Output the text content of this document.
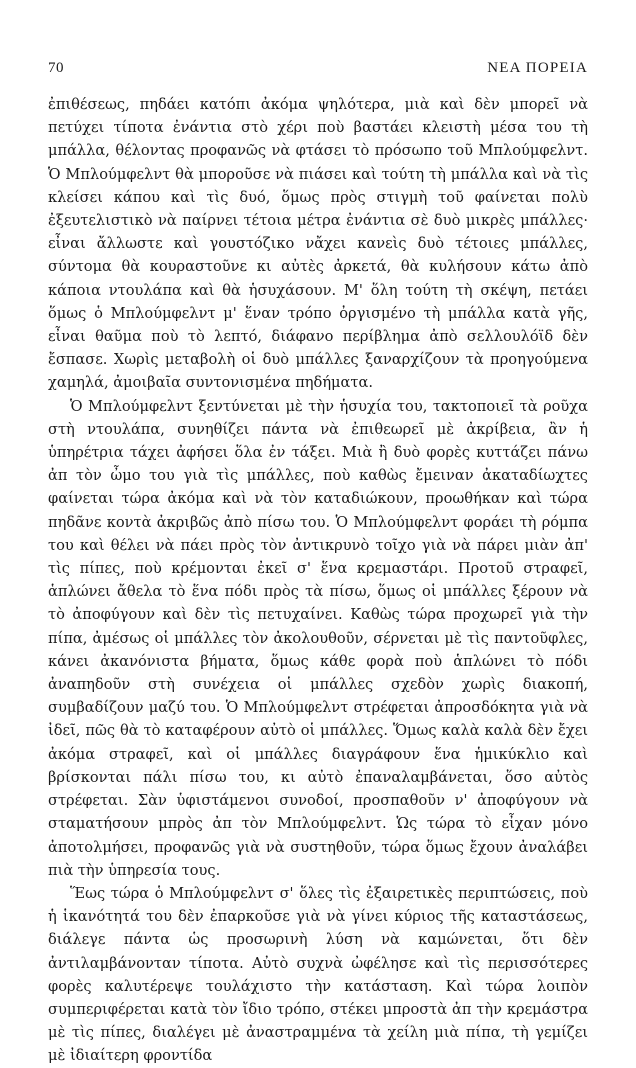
70	ΝΕΑ ΠΟΡΕΙΑ

ἐπιθέσεως, πηδάει κατόπι ἀκόμα ψηλότερα, μιὰ καὶ δὲν μπορεῖ νὰ πετύχει τίποτα ἐνάντια στὸ χέρι ποὺ βαστάει κλειστὴ μέσα του τὴ μπάλλα, θέλοντας προφανῶς νὰ φτάσει τὸ πρόσωπο τοῦ Μπλούμφελντ. Ὁ Μπλούμφελντ θὰ μποροῦσε νὰ πιάσει καὶ τούτη τὴ μπάλλα καὶ νὰ τὶς κλείσει κάπου καὶ τὶς δυό, ὅμως πρὸς στιγμὴ τοῦ φαίνεται πολὺ ἐξευτελιστικὸ νὰ παίρνει τέτοια μέτρα ἐνάντια σὲ δυὸ μικρὲς μπάλλες· εἶναι ἄλλωστε καὶ γουστόζικο νἄχει κανεὶς δυὸ τέτοιες μπάλλες, σύντομα θὰ κουραστοῦνε κι αὐτὲς ἀρκετά, θὰ κυλήσουν κάτω ἀπὸ κάποια ντουλάπα καὶ θὰ ἡσυχάσουν. Μ' ὅλη τούτη τὴ σκέψη, πετάει ὅμως ὁ Μπλούμφελντ μ' ἕναν τρόπο ὀργισμένο τὴ μπάλλα κατὰ γῆς, εἶναι θαῦμα ποὺ τὸ λεπτό, διάφανο περίβλημα ἀπὸ σελλουλόϊδ δὲν ἔσπασε. Χωρὶς μεταβολὴ οἱ δυὸ μπάλλες ξαναρχίζουν τὰ προηγούμενα χαμηλά, ἀμοιβαῖα συντονισμένα πηδήματα.

Ὁ Μπλούμφελντ ξεντύνεται μὲ τὴν ἡσυχία του, τακτοποιεῖ τὰ ροῦχα στὴ ντουλάπα, συνηθίζει πάντα νὰ ἐπιθεωρεῖ μὲ ἀκρίβεια, ἂν ἡ ὑπηρέτρια τάχει ἀφήσει ὅλα ἐν τάξει. Μιὰ ἢ δυὸ φορὲς κυττάζει πάνω ἀπ τὸν ὦμο του γιὰ τὶς μπάλλες, ποὺ καθὼς ἔμειναν ἀκαταδίωχτες φαίνεται τώρα ἀκόμα καὶ νὰ τὸν καταδιώκουν, προωθήκαν καὶ τώρα πηδᾶνε κοντὰ ἀκριβῶς ἀπὸ πίσω του. Ὁ Μπλούμφελντ φοράει τὴ ρόμπα του καὶ θέλει νὰ πάει πρὸς τὸν ἀντικρυνὸ τοῖχο γιὰ νὰ πάρει μιὰν ἀπ' τὶς πίπες, ποὺ κρέμονται ἐκεῖ σ' ἕνα κρεμαστάρι. Προτοῦ στραφεῖ, ἁπλώνει ἄθελα τὸ ἕνα πόδι πρὸς τὰ πίσω, ὅμως οἱ μπάλλες ξέρουν νὰ τὸ ἀποφύγουν καὶ δὲν τὶς πετυχαίνει. Καθὼς τώρα προχωρεῖ γιὰ τὴν πίπα, ἀμέσως οἱ μπάλλες τὸν ἀκολουθοῦν, σέρνεται μὲ τὶς παντοῦφλες, κάνει ἀκανόνιστα βήματα, ὅμως κάθε φορὰ ποὺ ἁπλώνει τὸ πόδι ἀναπηδοῦν στὴ συνέχεια οἱ μπάλλες σχεδὸν χωρὶς διακοπή, συμβαδίζουν μαζύ του. Ὁ Μπλούμφελντ στρέφεται ἀπροσδόκητα γιὰ νὰ ἰδεῖ, πῶς θὰ τὸ καταφέρουν αὐτὸ οἱ μπάλλες. Ὅμως καλὰ καλὰ δὲν ἔχει ἀκόμα στραφεῖ, καὶ οἱ μπάλλες διαγράφουν ἕνα ἡμικύκλιο καὶ βρίσκονται πάλι πίσω του, κι αὐτὸ ἐπαναλαμβάνεται, ὅσο αὐτὸς στρέφεται. Σὰν ὑφιστάμενοι συνοδοί, προσπαθοῦν ν' ἀποφύγουν νὰ σταματήσουν μπρὸς ἀπ τὸν Μπλούμφελντ. Ὡς τώρα τὸ εἶχαν μόνο ἀποτολμήσει, προφανῶς γιὰ νὰ συστηθοῦν, τώρα ὅμως ἔχουν ἀναλάβει πιὰ τὴν ὑπηρεσία τους.

Ἕως τώρα ὁ Μπλούμφελντ σ' ὅλες τὶς ἐξαιρετικὲς περιπτώσεις, ποὺ ἡ ἱκανότητά του δὲν ἐπαρκοῦσε γιὰ νὰ γίνει κύριος τῆς καταστάσεως, διάλεγε πάντα ὡς προσωρινὴ λύση νὰ καμώνεται, ὅτι δὲν ἀντιλαμβάνονταν τίποτα. Αὐτὸ συχνὰ ὠφέλησε καὶ τὶς περισσότερες φορὲς καλυτέρεψε τουλάχιστο τὴν κατάσταση. Καὶ τώρα λοιπὸν συμπεριφέρεται κατὰ τὸν ἴδιο τρόπο, στέκει μπροστὰ ἀπ τὴν κρεμάστρα μὲ τὶς πίπες, διαλέγει μὲ ἀναστραμμένα τὰ χείλη μιὰ πίπα, τὴ γεμίζει μὲ ἰδιαίτερη φροντίδα
